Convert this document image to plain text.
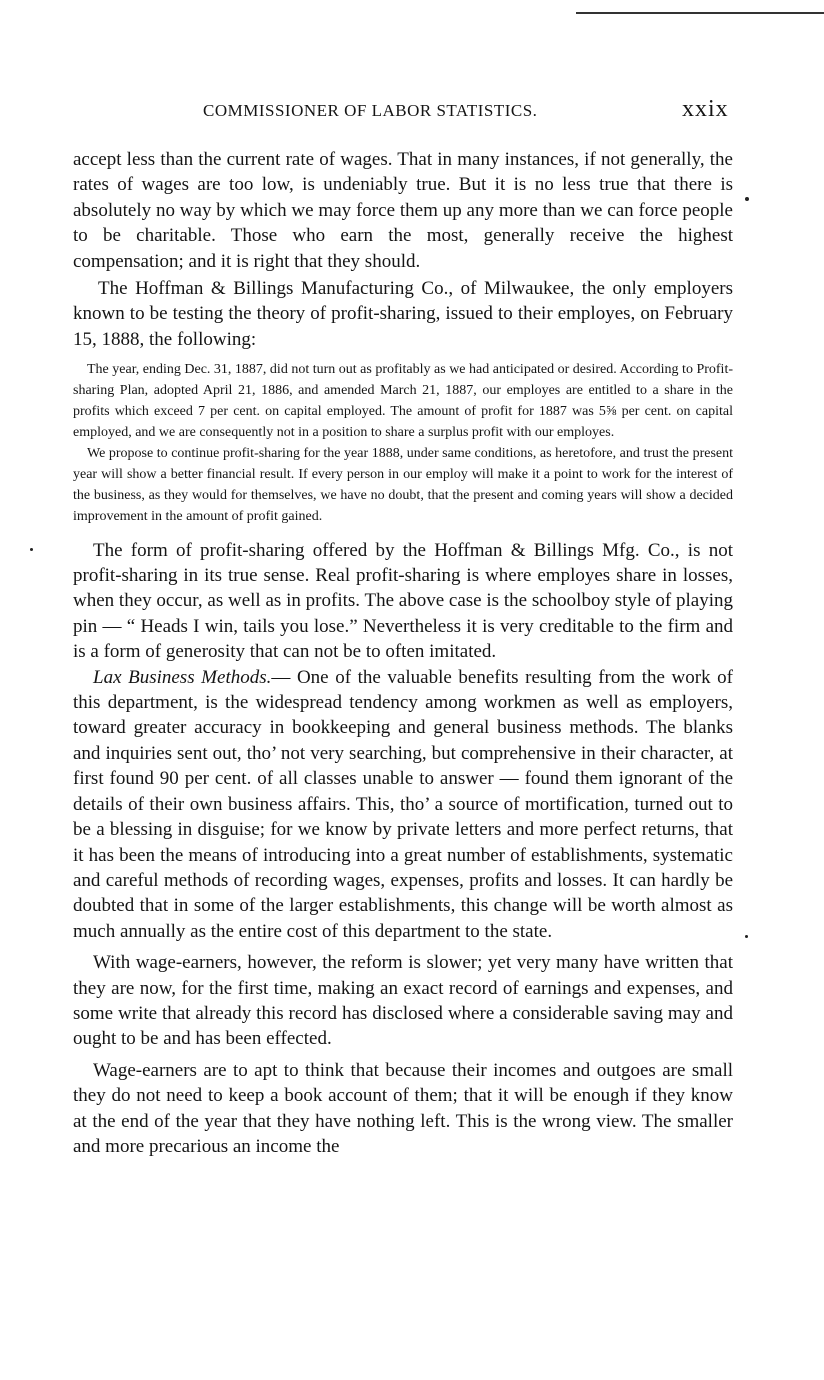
COMMISSIONER OF LABOR STATISTICS.	xxix

accept less than the current rate of wages. That in many instances, if not generally, the rates of wages are too low, is undeniably true. But it is no less true that there is absolutely no way by which we may force them up any more than we can force people to be charitable. Those who earn the most, generally receive the highest compensation; and it is right that they should.

The Hoffman & Billings Manufacturing Co., of Milwaukee, the only employers known to be testing the theory of profit-sharing, issued to their employes, on February 15, 1888, the following:

The year, ending Dec. 31, 1887, did not turn out as profitably as we had anticipated or desired. According to Profit-sharing Plan, adopted April 21, 1886, and amended March 21, 1887, our employes are entitled to a share in the profits which exceed 7 per cent. on capital employed. The amount of profit for 1887 was 5⅝ per cent. on capital employed, and we are consequently not in a position to share a surplus profit with our employes.

We propose to continue profit-sharing for the year 1888, under same conditions, as heretofore, and trust the present year will show a better financial result. If every person in our employ will make it a point to work for the interest of the business, as they would for themselves, we have no doubt, that the present and coming years will show a decided improvement in the amount of profit gained.

The form of profit-sharing offered by the Hoffman & Billings Mfg. Co., is not profit-sharing in its true sense. Real profit-sharing is where employes share in losses, when they occur, as well as in profits. The above case is the schoolboy style of playing pin — “ Heads I win, tails you lose.” Nevertheless it is very creditable to the firm and is a form of generosity that can not be to often imitated.

Lax Business Methods.— One of the valuable benefits resulting from the work of this department, is the widespread tendency among workmen as well as employers, toward greater accuracy in bookkeeping and general business methods. The blanks and inquiries sent out, tho’ not very searching, but comprehensive in their character, at first found 90 per cent. of all classes unable to answer — found them ignorant of the details of their own business affairs. This, tho’ a source of mortification, turned out to be a blessing in disguise; for we know by private letters and more perfect returns, that it has been the means of introducing into a great number of establishments, systematic and careful methods of recording wages, expenses, profits and losses. It can hardly be doubted that in some of the larger establishments, this change will be worth almost as much annually as the entire cost of this department to the state.

With wage-earners, however, the reform is slower; yet very many have written that they are now, for the first time, making an exact record of earnings and expenses, and some write that already this record has disclosed where a considerable saving may and ought to be and has been effected.

Wage-earners are to apt to think that because their incomes and outgoes are small they do not need to keep a book account of them; that it will be enough if they know at the end of the year that they have nothing left. This is the wrong view. The smaller and more precarious an income the
